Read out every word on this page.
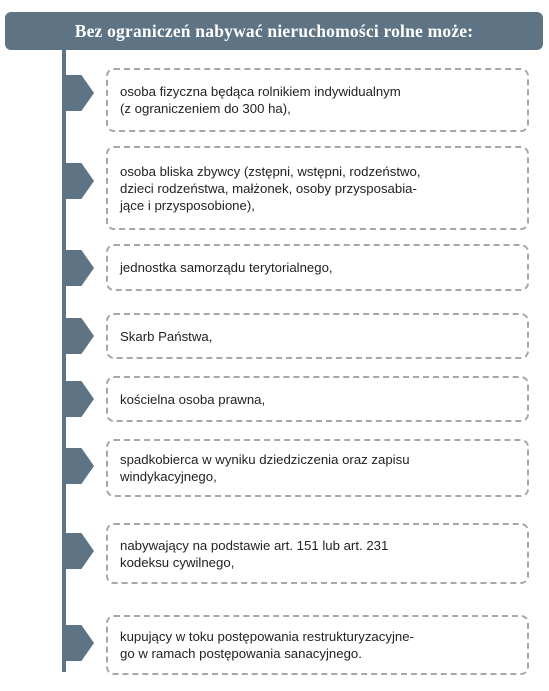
Bez ograniczeń nabywać nieruchomości rolne może:
osoba fizyczna będąca rolnikiem indywidualnym
(z ograniczeniem do 300 ha),
osoba bliska zbywcy (zstępni, wstępni, rodzeństwo,
dzieci rodzeństwa, małżonek, osoby przysposabia-
jące i przysposobione),
jednostka samorządu terytorialnego,
Skarb Państwa,
kościelna osoba prawna,
spadkobierca w wyniku dziedziczenia oraz zapisu
windykacyjnego,
nabywający na podstawie art. 151 lub art. 231
kodeksu cywilnego,
kupujący w toku postępowania restrukturyzacyjne-
go w ramach postępowania sanacyjnego.
